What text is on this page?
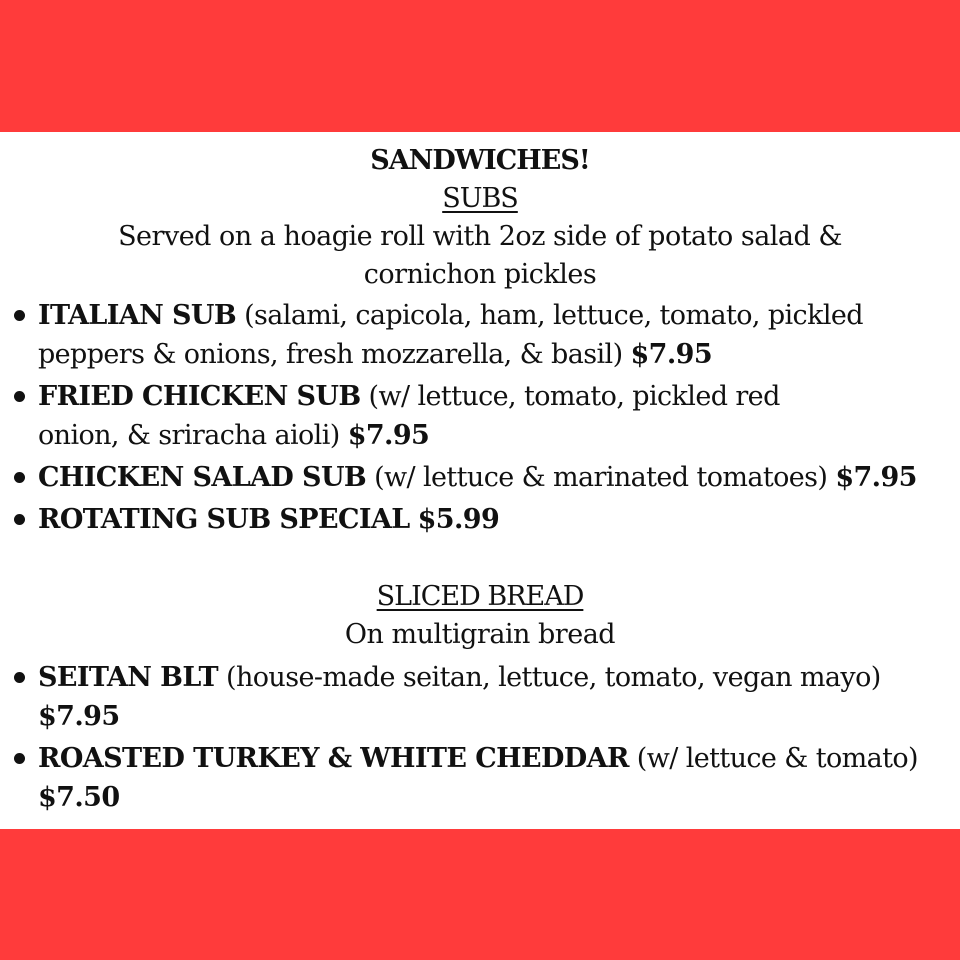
SANDWICHES!
SUBS
Served on a hoagie roll with 2oz side of potato salad & cornichon pickles
ITALIAN SUB (salami, capicola, ham, lettuce, tomato, pickled peppers & onions, fresh mozzarella, & basil) $7.95
FRIED CHICKEN SUB (w/ lettuce, tomato, pickled red onion, & sriracha aioli) $7.95
CHICKEN SALAD SUB (w/ lettuce & marinated tomatoes) $7.95
ROTATING SUB SPECIAL $5.99
SLICED BREAD
On multigrain bread
SEITAN BLT (house-made seitan, lettuce, tomato, vegan mayo) $7.95
ROASTED TURKEY & WHITE CHEDDAR (w/ lettuce & tomato) $7.50
